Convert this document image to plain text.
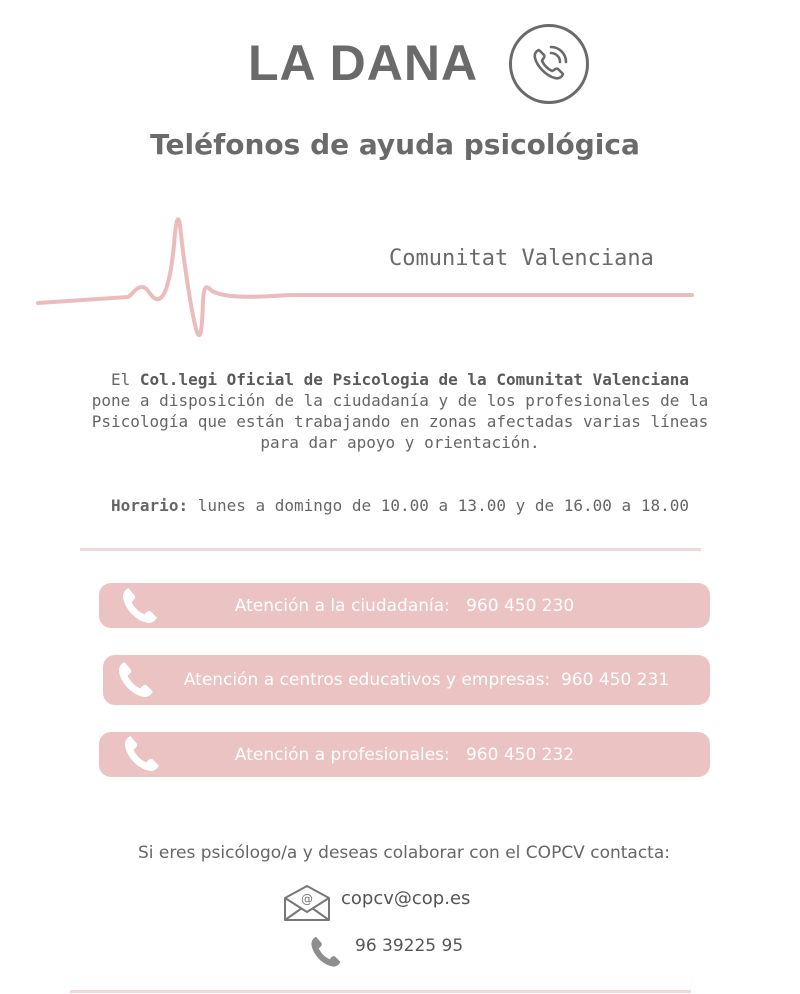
LA DANA
Teléfonos de ayuda psicológica
Comunitat Valenciana

El Col.legi Oficial de Psicologia de la Comunitat Valenciana pone a disposición de la ciudadanía y de los profesionales de la Psicología que están trabajando en zonas afectadas varias líneas para dar apoyo y orientación.

Horario: lunes a domingo de 10.00 a 13.00 y de 16.00 a 18.00

Atención a la ciudadanía:   960 450 230
Atención a centros educativos y empresas:  960 450 231
Atención a profesionales:   960 450 232

Si eres psicólogo/a y deseas colaborar con el COPCV contacta:

@ copcv@cop.es
96 39225 95
